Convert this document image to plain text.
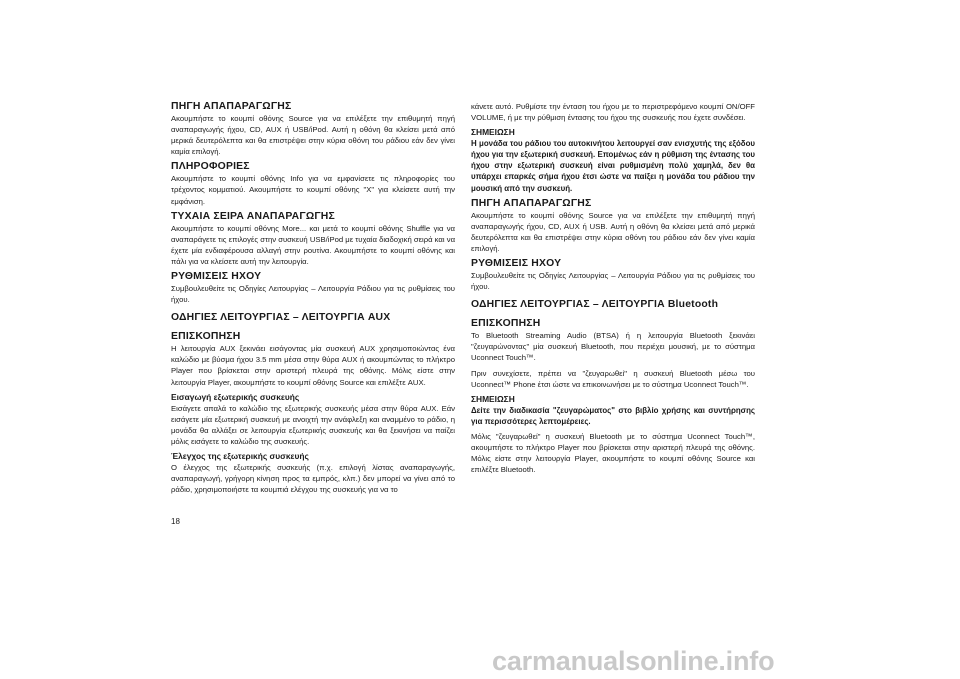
ΠΗΓΗ ΑΠΑΠΑΡΑΓΩΓΗΣ

Ακουμπήστε το κουμπί οθόνης Source για να επιλέξετε την επιθυμητή πηγή αναπαραγωγής ήχου, CD, AUX ή USB/iPod. Αυτή η οθόνη θα κλείσει μετά από μερικά δευτερόλεπτα και θα επιστρέψει στην κύρια οθόνη του ράδιου εάν δεν γίνει καμία επιλογή.

ΠΛΗΡΟΦΟΡΙΕΣ

Ακουμπήστε το κουμπί οθόνης Info για να εμφανίσετε τις πληροφορίες του τρέχοντος κομματιού. Ακουμπήστε το κουμπί οθόνης "X" για κλείσετε αυτή την εμφάνιση.

ΤΥΧΑΙΑ ΣΕΙΡΑ ΑΝΑΠΑΡΑΓΩΓΗΣ

Ακουμπήστε το κουμπί οθόνης More... και μετά το κουμπί οθόνης Shuffle για να αναπαράγετε τις επιλογές στην συσκευή USB/iPod με τυχαία διαδοχική σειρά και να έχετε μία ενδιαφέρουσα αλλαγή στην ρουτίνα. Ακουμπήστε το κουμπί οθόνης και πάλι για να κλείσετε αυτή την λειτουργία.

ΡΥΘΜΙΣΕΙΣ ΗΧΟΥ

Συμβουλευθείτε τις Οδηγίες Λειτουργίας – Λειτουργία Ράδιου για τις ρυθμίσεις του ήχου.

ΟΔΗΓΙΕΣ ΛΕΙΤΟΥΡΓΙΑΣ – ΛΕΙΤΟΥΡΓΙΑ AUX
ΕΠΙΣΚΟΠΗΣΗ

Η λειτουργία AUX ξεκινάει εισάγοντας μία συσκευή AUX χρησιμοποιώντας ένα καλώδιο με βύσμα ήχου 3.5 mm μέσα στην θύρα AUX ή ακουμπώντας το πλήκτρο Player που βρίσκεται στην αριστερή πλευρά της οθόνης. Μόλις είστε στην λειτουργία Player, ακουμπήστε το κουμπί οθόνης Source και επιλέξτε AUX.

Εισαγωγή εξωτερικής συσκευής

Εισάγετε απαλά το καλώδιο της εξωτερικής συσκευής μέσα στην θύρα AUX. Εάν εισάγετε μία εξωτερική συσκευή με ανοιχτή την ανάφλεξη και αναμμένο το ράδιο, η μονάδα θα αλλάξει σε λειτουργία εξωτερικής συσκευής και θα ξεκινήσει να παίζει μόλις εισάγετε το καλώδιο της συσκευής.

Έλεγχος της εξωτερικής συσκευής

Ο έλεγχος της εξωτερικής συσκευής (π.χ. επιλογή λίστας αναπαραγωγής, αναπαραγωγή, γρήγορη κίνηση προς τα εμπρός, κλπ.) δεν μπορεί να γίνει από το ράδιο, χρησιμοποιήστε τα κουμπιά ελέγχου της συσκευής για να το

κάνετε αυτό. Ρυθμίστε την ένταση του ήχου με το περιστρεφόμενο κουμπί ON/OFF VOLUME, ή με την ρύθμιση έντασης του ήχου της συσκευής που έχετε συνδέσει.

ΣΗΜΕΙΩΣΗ

Η μονάδα του ράδιου του αυτοκινήτου λειτουργεί σαν ενισχυτής της εξόδου ήχου για την εξωτερική συσκευή. Επομένως εάν η ρύθμιση της έντασης του ήχου στην εξωτερική συσκευή είναι ρυθμισμένη πολύ χαμηλά, δεν θα υπάρχει επαρκές σήμα ήχου έτσι ώστε να παίξει η μονάδα του ράδιου την μουσική από την συσκευή.

ΠΗΓΗ ΑΠΑΠΑΡΑΓΩΓΗΣ

Ακουμπήστε το κουμπί οθόνης Source για να επιλέξετε την επιθυμητή πηγή αναπαραγωγής ήχου, CD, AUX ή USB. Αυτή η οθόνη θα κλείσει μετά από μερικά δευτερόλεπτα και θα επιστρέψει στην κύρια οθόνη του ράδιου εάν δεν γίνει καμία επιλογή.

ΡΥΘΜΙΣΕΙΣ ΗΧΟΥ

Συμβουλευθείτε τις Οδηγίες Λειτουργίας – Λειτουργία Ράδιου για τις ρυθμίσεις του ήχου.

ΟΔΗΓΙΕΣ ΛΕΙΤΟΥΡΓΙΑΣ – ΛΕΙΤΟΥΡΓΙΑ Bluetooth
ΕΠΙΣΚΟΠΗΣΗ

Το Bluetooth Streaming Audio (BTSA) ή η λειτουργία Bluetooth ξεκινάει "ζευγαρώνοντας" μία συσκευή Bluetooth, που περιέχει μουσική, με το σύστημα Uconnect Touch™.

Πριν συνεχίσετε, πρέπει να "ζευγαρωθεί" η συσκευή Bluetooth μέσω του Uconnect™ Phone έτσι ώστε να επικοινωνήσει με το σύστημα Uconnect Touch™.

ΣΗΜΕΙΩΣΗ

Δείτε την διαδικασία "ζευγαρώματος" στο βιβλίο χρήσης και συντήρησης για περισσότερες λεπτομέρειες.

Μόλις "ζευγαρωθεί" η συσκευή Bluetooth με το σύστημα Uconnect Touch™, ακουμπήστε το πλήκτρο Player που βρίσκεται στην αριστερή πλευρά της οθόνης. Μόλις είστε στην λειτουργία Player, ακουμπήστε το κουμπί οθόνης Source και επιλέξτε Bluetooth.

18
carmanualsonline.info
